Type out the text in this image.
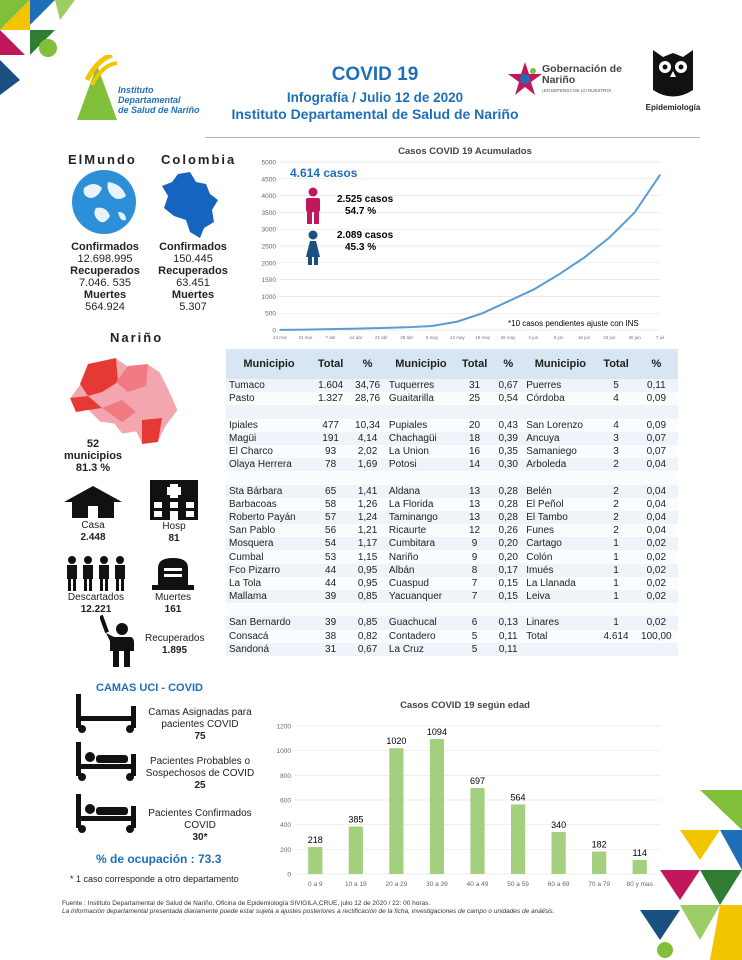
Instituto
Departamental
de Salud de Nariño
COVID 19
Infografía / Julio 12 de 2020
Instituto Departamental de Salud de Nariño
Gobernación de Nariño
¡EN DEFENSA DE LO NUESTRO!
Epidemiología
ElMundo Colombia
Confirmados
12.698.995
Recuperados
7.046. 535
Muertes
564.924
Confirmados
150.445
Recuperados
63.451
Muertes
5.307
Casos COVID 19 Acumulados
0
500
1000
1500
2000
2500
3000
3500
4000
4500
5000
24 mar	31 mar	7 abr	14 abr	21 abr	28 abr	5 may	12 may 19 may 26 may	2 jun	9 jun	16 jun	23 jun	30 jun	7 jul
4.614 casos
2.525 casos
54.7 %
2.089 casos
45.3 %
*10 casos pendientes ajuste con INS
Nariño
52
municipios
81.3 %
Casa
2.448
Hosp
81
Descartados
12.221
Muertes
161
Recuperados
1.895
CAMAS UCI - COVID
Camas Asignadas para pacientes COVID
75
Pacientes Probables o Sospechosos de COVID
25
Pacientes Confirmados COVID
30*
% de ocupación : 73.3
* 1 caso corresponde a otro departamento
Municipio	Total	%	Municipio	Total	%	Municipio	Total	%
Tumaco	1.604	34,76	Tuquerres	31	0,67	Puerres	5	0,11
Pasto	1.327	28,76	Guaitarilla	25	0,54	Córdoba	4	0,09

Ipiales	477	10,34	Pupiales	20	0,43	San Lorenzo	4	0,09
Magüi	191	4,14	Chachagüi	18	0,39	Ancuya	3	0,07
El Charco	93	2,02	La Union	16	0,35	Samaniego	3	0,07
Olaya Herrera	78	1,69	Potosi	14	0,30	Arboleda	2	0,04

Sta Bárbara	65	1,41	Aldana	13	0,28	Belén	2	0,04
Barbacoas	58	1,26	La Florida	13	0,28	El Peñol	2	0,04
Roberto Payán	57	1,24	Taminango	13	0,28	El Tambo	2	0,04
San Pablo	56	1,21	Ricaurte	12	0,26	Funes	2	0,04
Mosquera	54	1,17	Cumbitara	9	0,20	Cartago	1	0,02
Cumbal	53	1,15	Nariño	9	0,20	Colón	1	0,02
Fco Pizarro	44	0,95	Albán	8	0,17	Imués	1	0,02
La Tola	44	0,95	Cuaspud	7	0,15	La Llanada	1	0,02
Mallama	39	0,85	Yacuanquer	7	0,15	Leiva	1	0,02

San Bernardo	39	0,85	Guachucal	6	0,13	Linares	1	0,02
Consacá	38	0,82	Contadero	5	0,11	Total	4.614	100,00
Sandoná	31	0,67	La Cruz	5	0,11			
Casos COVID 19 según edad
0
200
400
600
800
1000
1200
218
0 a 9
385
10 a 19
1020
20 a 29
1094
30 a 39
697
40 a 49
564
50 a 59
340
60 a 69
182
70 a 79
114
80 y mas
Fuente : Instituto Departamental de Salud de Nariño, Oficina de Epidemiología SIVIGILA,CRUE, julio 12 de 2020 / 22: 00 horas.
La información departamental presentada diariamente puede estar sujeta a ajustes posteriores a rectificación de la ficha, investigaciones de campo o unidades de análisis.
